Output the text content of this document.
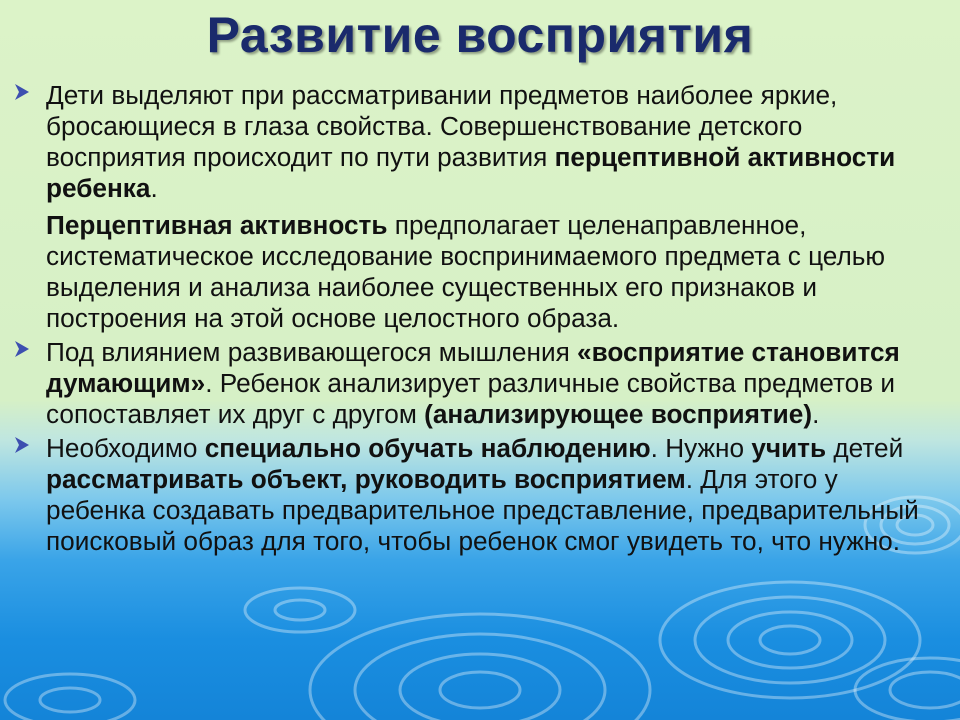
Развитие восприятия

Дети выделяют при рассматривании предметов наиболее яркие, бросающиеся в глаза свойства. Совершенствование детского восприятия происходит по пути развития перцептивной активности ребенка.

Перцептивная активность предполагает целенаправленное, систематическое исследование воспринимаемого предмета с целью выделения и анализа наиболее существенных его признаков и построения на этой основе целостного образа.

Под влиянием развивающегося мышления «восприятие становится думающим». Ребенок анализирует различные свойства предметов и сопоставляет их друг с другом (анализирующее восприятие).

Необходимо специально обучать наблюдению. Нужно учить детей рассматривать объект, руководить восприятием. Для этого у ребенка создавать предварительное представление, предварительный поисковый образ для того, чтобы ребенок смог увидеть то, что нужно.
